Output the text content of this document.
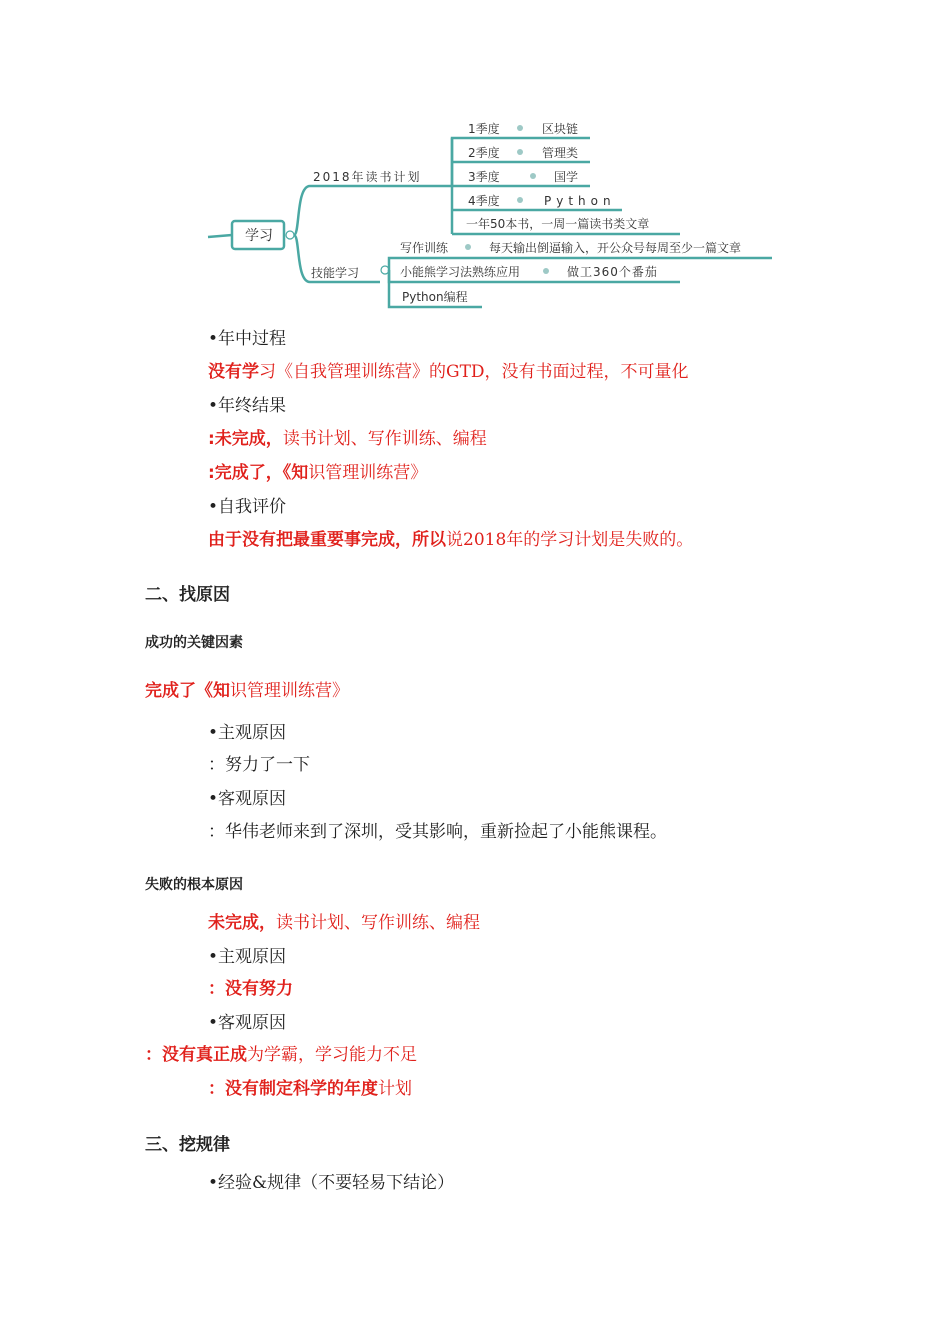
学习
2018年读书计划
技能学习
1季度	区块链
2季度	管理类
3季度	国学
4季度	Python
一年50本书，一周一篇读书类文章
写作训练	每天输出倒逼输入，开公众号每周至少一篇文章
小能熊学习法熟练应用	做工360个番茄
Python编程
•年中过程
没有学习《自我管理训练营》的GTD，没有书面过程，不可量化
•年终结果
:未完成，读书计划、写作训练、编程
:完成了，《知识管理训练营》
•自我评价
由于没有把最重要事完成，所以说2018年的学习计划是失败的。
二、找原因
成功的关键因素
完成了《知识管理训练营》
•主观原因
：努力了一下
•客观原因
：华伟老师来到了深圳，受其影响，重新捡起了小能熊课程。
失败的根本原因
未完成，读书计划、写作训练、编程
•主观原因
：没有努力
•客观原因
：没有真正成为学霸，学习能力不足
：没有制定科学的年度计划
三、挖规律
•经验&规律（不要轻易下结论）
